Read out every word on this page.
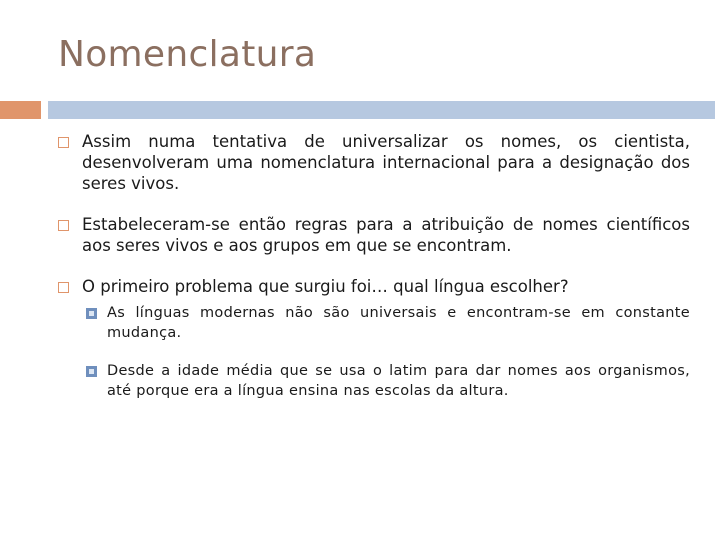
Nomenclatura
Assim numa tentativa de universalizar os nomes, os cientista, desenvolveram uma nomenclatura internacional para a designação dos seres vivos.
Estabeleceram-se então regras para a atribuição de nomes científicos aos seres vivos e aos grupos em que se encontram.
O primeiro problema que surgiu foi… qual língua escolher?
As línguas modernas não são universais e encontram-se em constante mudança.
Desde a idade média que se usa o latim para dar nomes aos organismos, até porque era a língua ensina nas escolas da altura.
